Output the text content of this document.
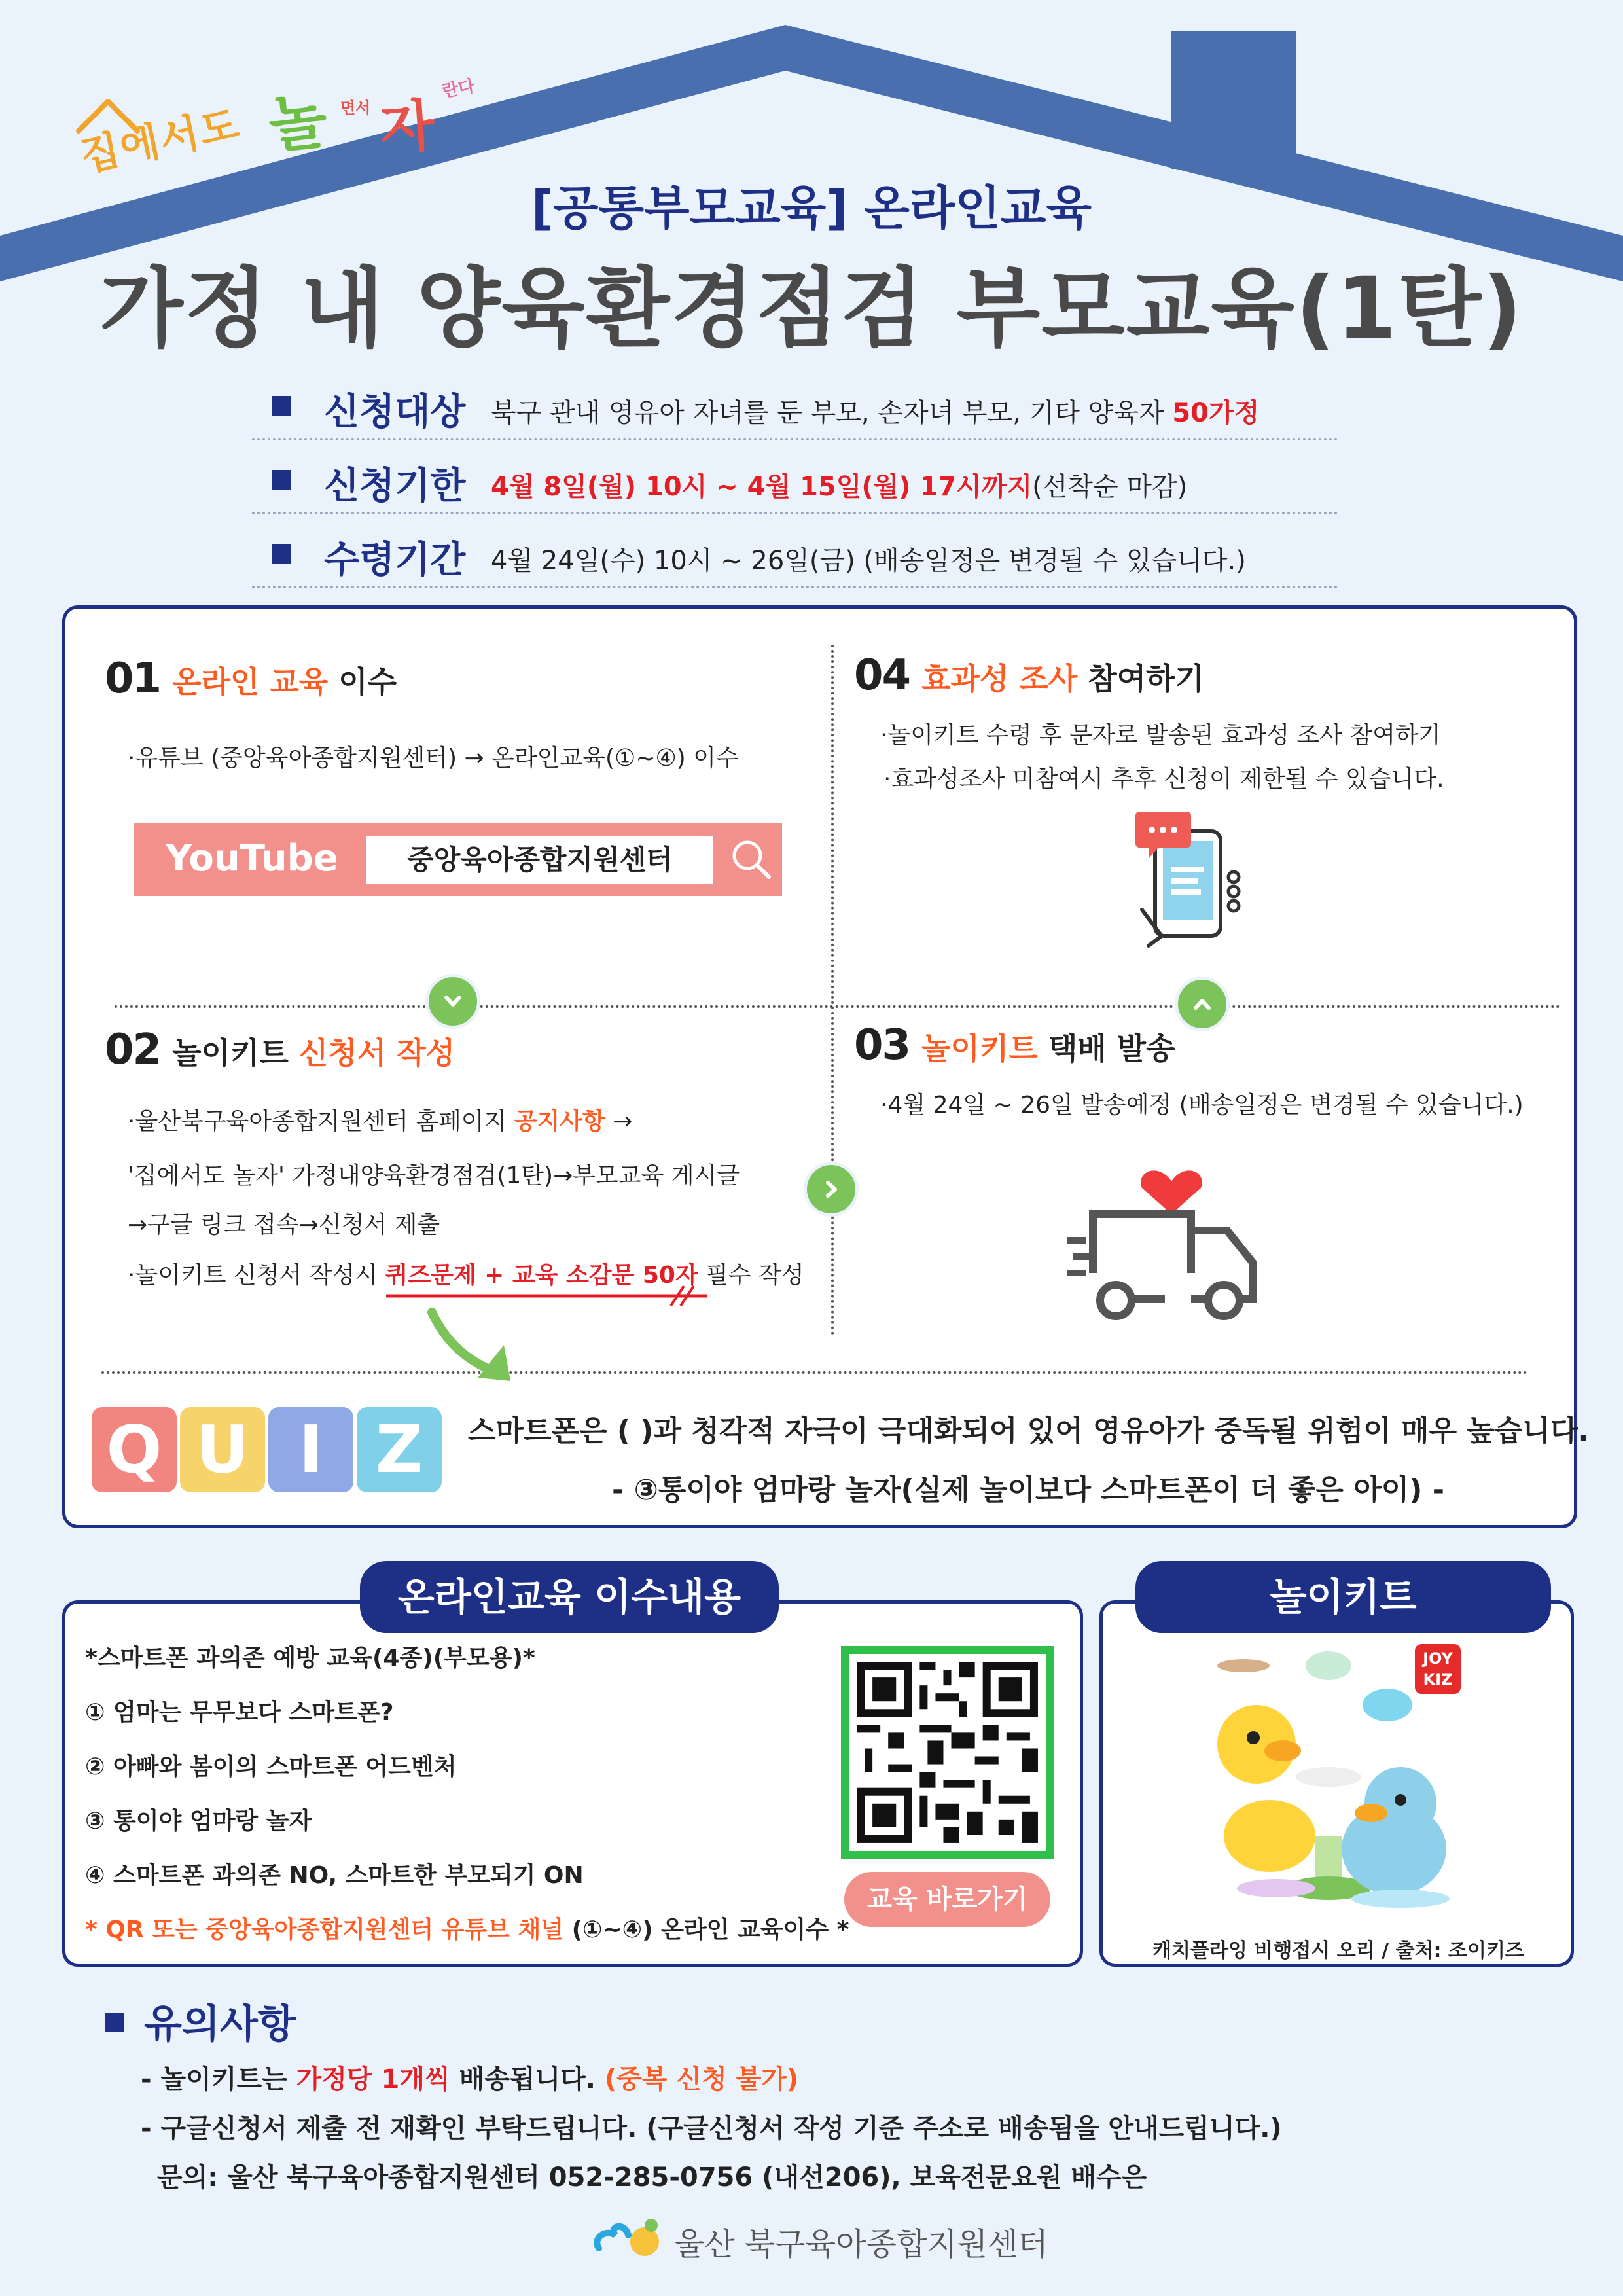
집에서도 놀 면서 자
란다
[공통부모교육] 온라인교육
가정 내 양육환경점검 부모교육(1탄)
신청대상 북구 관내 영유아 자녀를 둔 부모, 손자녀 부모, 기타 양육자 50가정
신청기한 4월 8일(월) 10시 ~ 4월 15일(월) 17시까지(선착순 마감)
수령기간 4월 24일(수) 10시 ~ 26일(금) (배송일정은 변경될 수 있습니다.)
01 온라인 교육 이수
·유튜브 (중앙육아종합지원센터) → 온라인교육(①~④) 이수
YouTube	중앙육아종합지원센터
04 효과성 조사 참여하기
·놀이키트 수령 후 문자로 발송된 효과성 조사 참여하기
·효과성조사 미참여시 추후 신청이 제한될 수 있습니다.
02 놀이키트 신청서 작성
·울산북구육아종합지원센터 홈페이지 공지사항 →
'집에서도 놀자' 가정내양육환경점검(1탄)→부모교육 게시글
→구글 링크 접속→신청서 제출
·놀이키트 신청서 작성시 퀴즈문제 + 교육 소감문 50자 필수 작성
03 놀이키트 택배 발송
·4월 24일 ~ 26일 발송예정 (배송일정은 변경될 수 있습니다.)
Q U I Z	스마트폰은 ( )과 청각적 자극이 극대화되어 있어 영유아가 중독될 위험이 매우 높습니다.
- ③통이야 엄마랑 놀자(실제 놀이보다 스마트폰이 더 좋은 아이) -
온라인교육 이수내용
*스마트폰 과의존 예방 교육(4종)(부모용)*
① 엄마는 무무보다 스마트폰?
② 아빠와 봄이의 스마트폰 어드벤처
③ 통이야 엄마랑 놀자
④ 스마트폰 과의존 NO, 스마트한 부모되기 ON
* QR 또는 중앙육아종합지원센터 유튜브 채널 (①~④) 온라인 교육이수 *
교육 바로가기
놀이키트
JOY KIZ
캐치플라잉 비행접시 오리 / 출처: 조이키즈
유의사항
- 놀이키트는 가정당 1개씩 배송됩니다. (중복 신청 불가)
- 구글신청서 제출 전 재확인 부탁드립니다. (구글신청서 작성 기준 주소로 배송됨을 안내드립니다.)
문의: 울산 북구육아종합지원센터 052-285-0756 (내선206), 보육전문요원 배수은
울산 북구육아종합지원센터
